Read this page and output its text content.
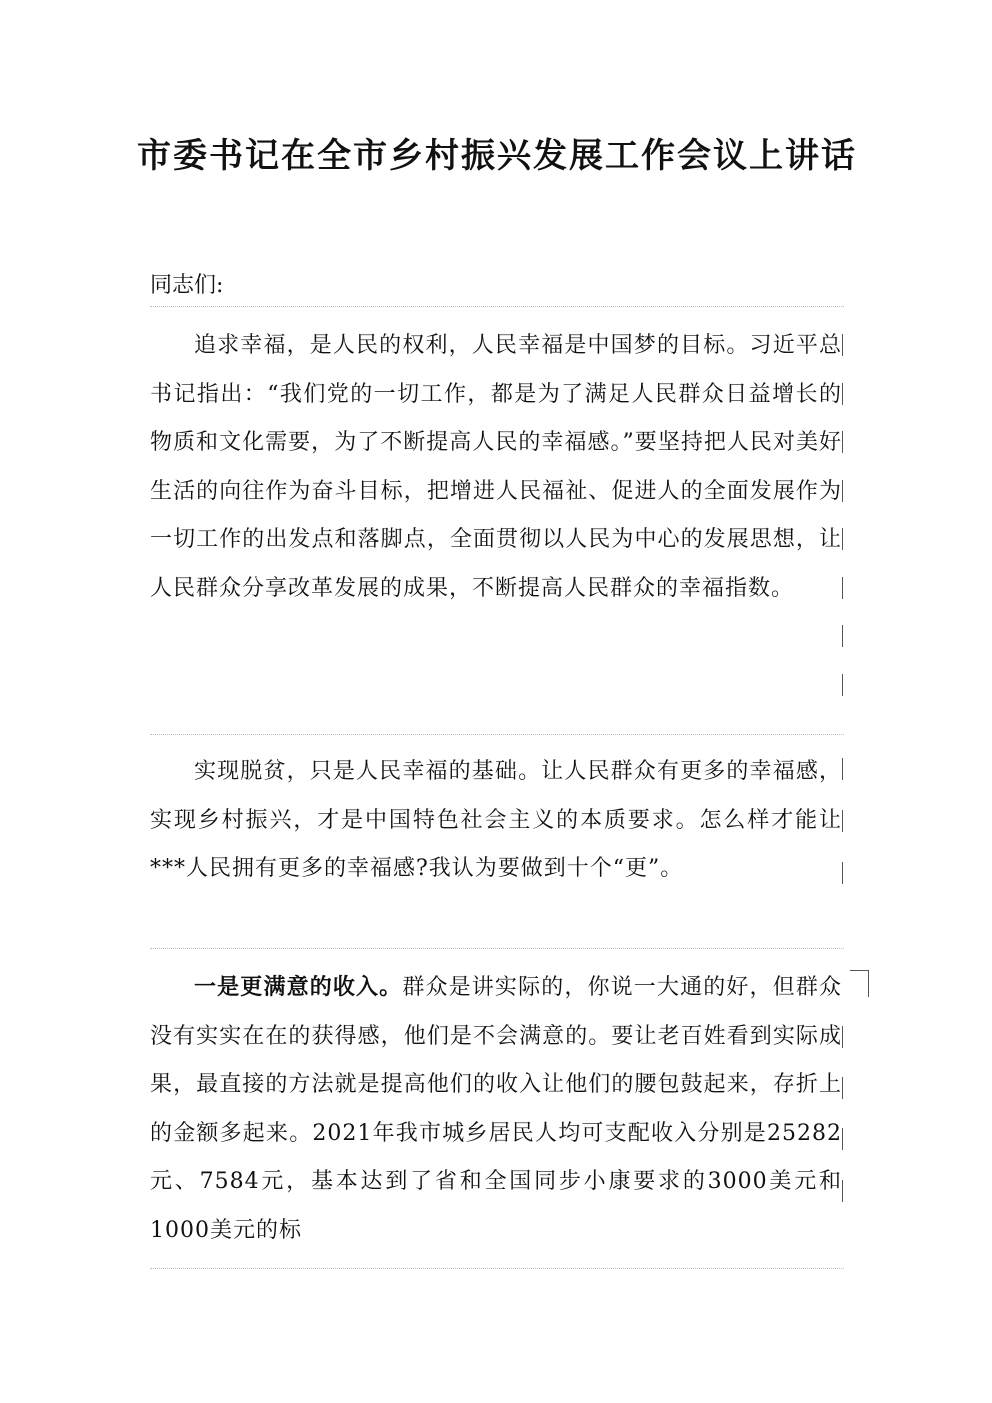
市委书记在全市乡村振兴发展工作会议上讲话

同志们:

追求幸福，是人民的权利，人民幸福是中国梦的目标。习近平总书记指出：“我们党的一切工作，都是为了满足人民群众日益增长的物质和文化需要，为了不断提高人民的幸福感。”要坚持把人民对美好生活的向往作为奋斗目标，把增进人民福祉、促进人的全面发展作为一切工作的出发点和落脚点，全面贯彻以人民为中心的发展思想，让人民群众分享改革发展的成果，不断提高人民群众的幸福指数。

实现脱贫，只是人民幸福的基础。让人民群众有更多的幸福感，实现乡村振兴，才是中国特色社会主义的本质要求。怎么样才能让***人民拥有更多的幸福感?我认为要做到十个“更”。

一是更满意的收入。群众是讲实际的，你说一大通的好，但群众没有实实在在的获得感，他们是不会满意的。要让老百姓看到实际成果，最直接的方法就是提高他们的收入让他们的腰包鼓起来，存折上的金额多起来。2021年我市城乡居民人均可支配收入分别是25282元、7584元，基本达到了省和全国同步小康要求的3000美元和1000美元的标
